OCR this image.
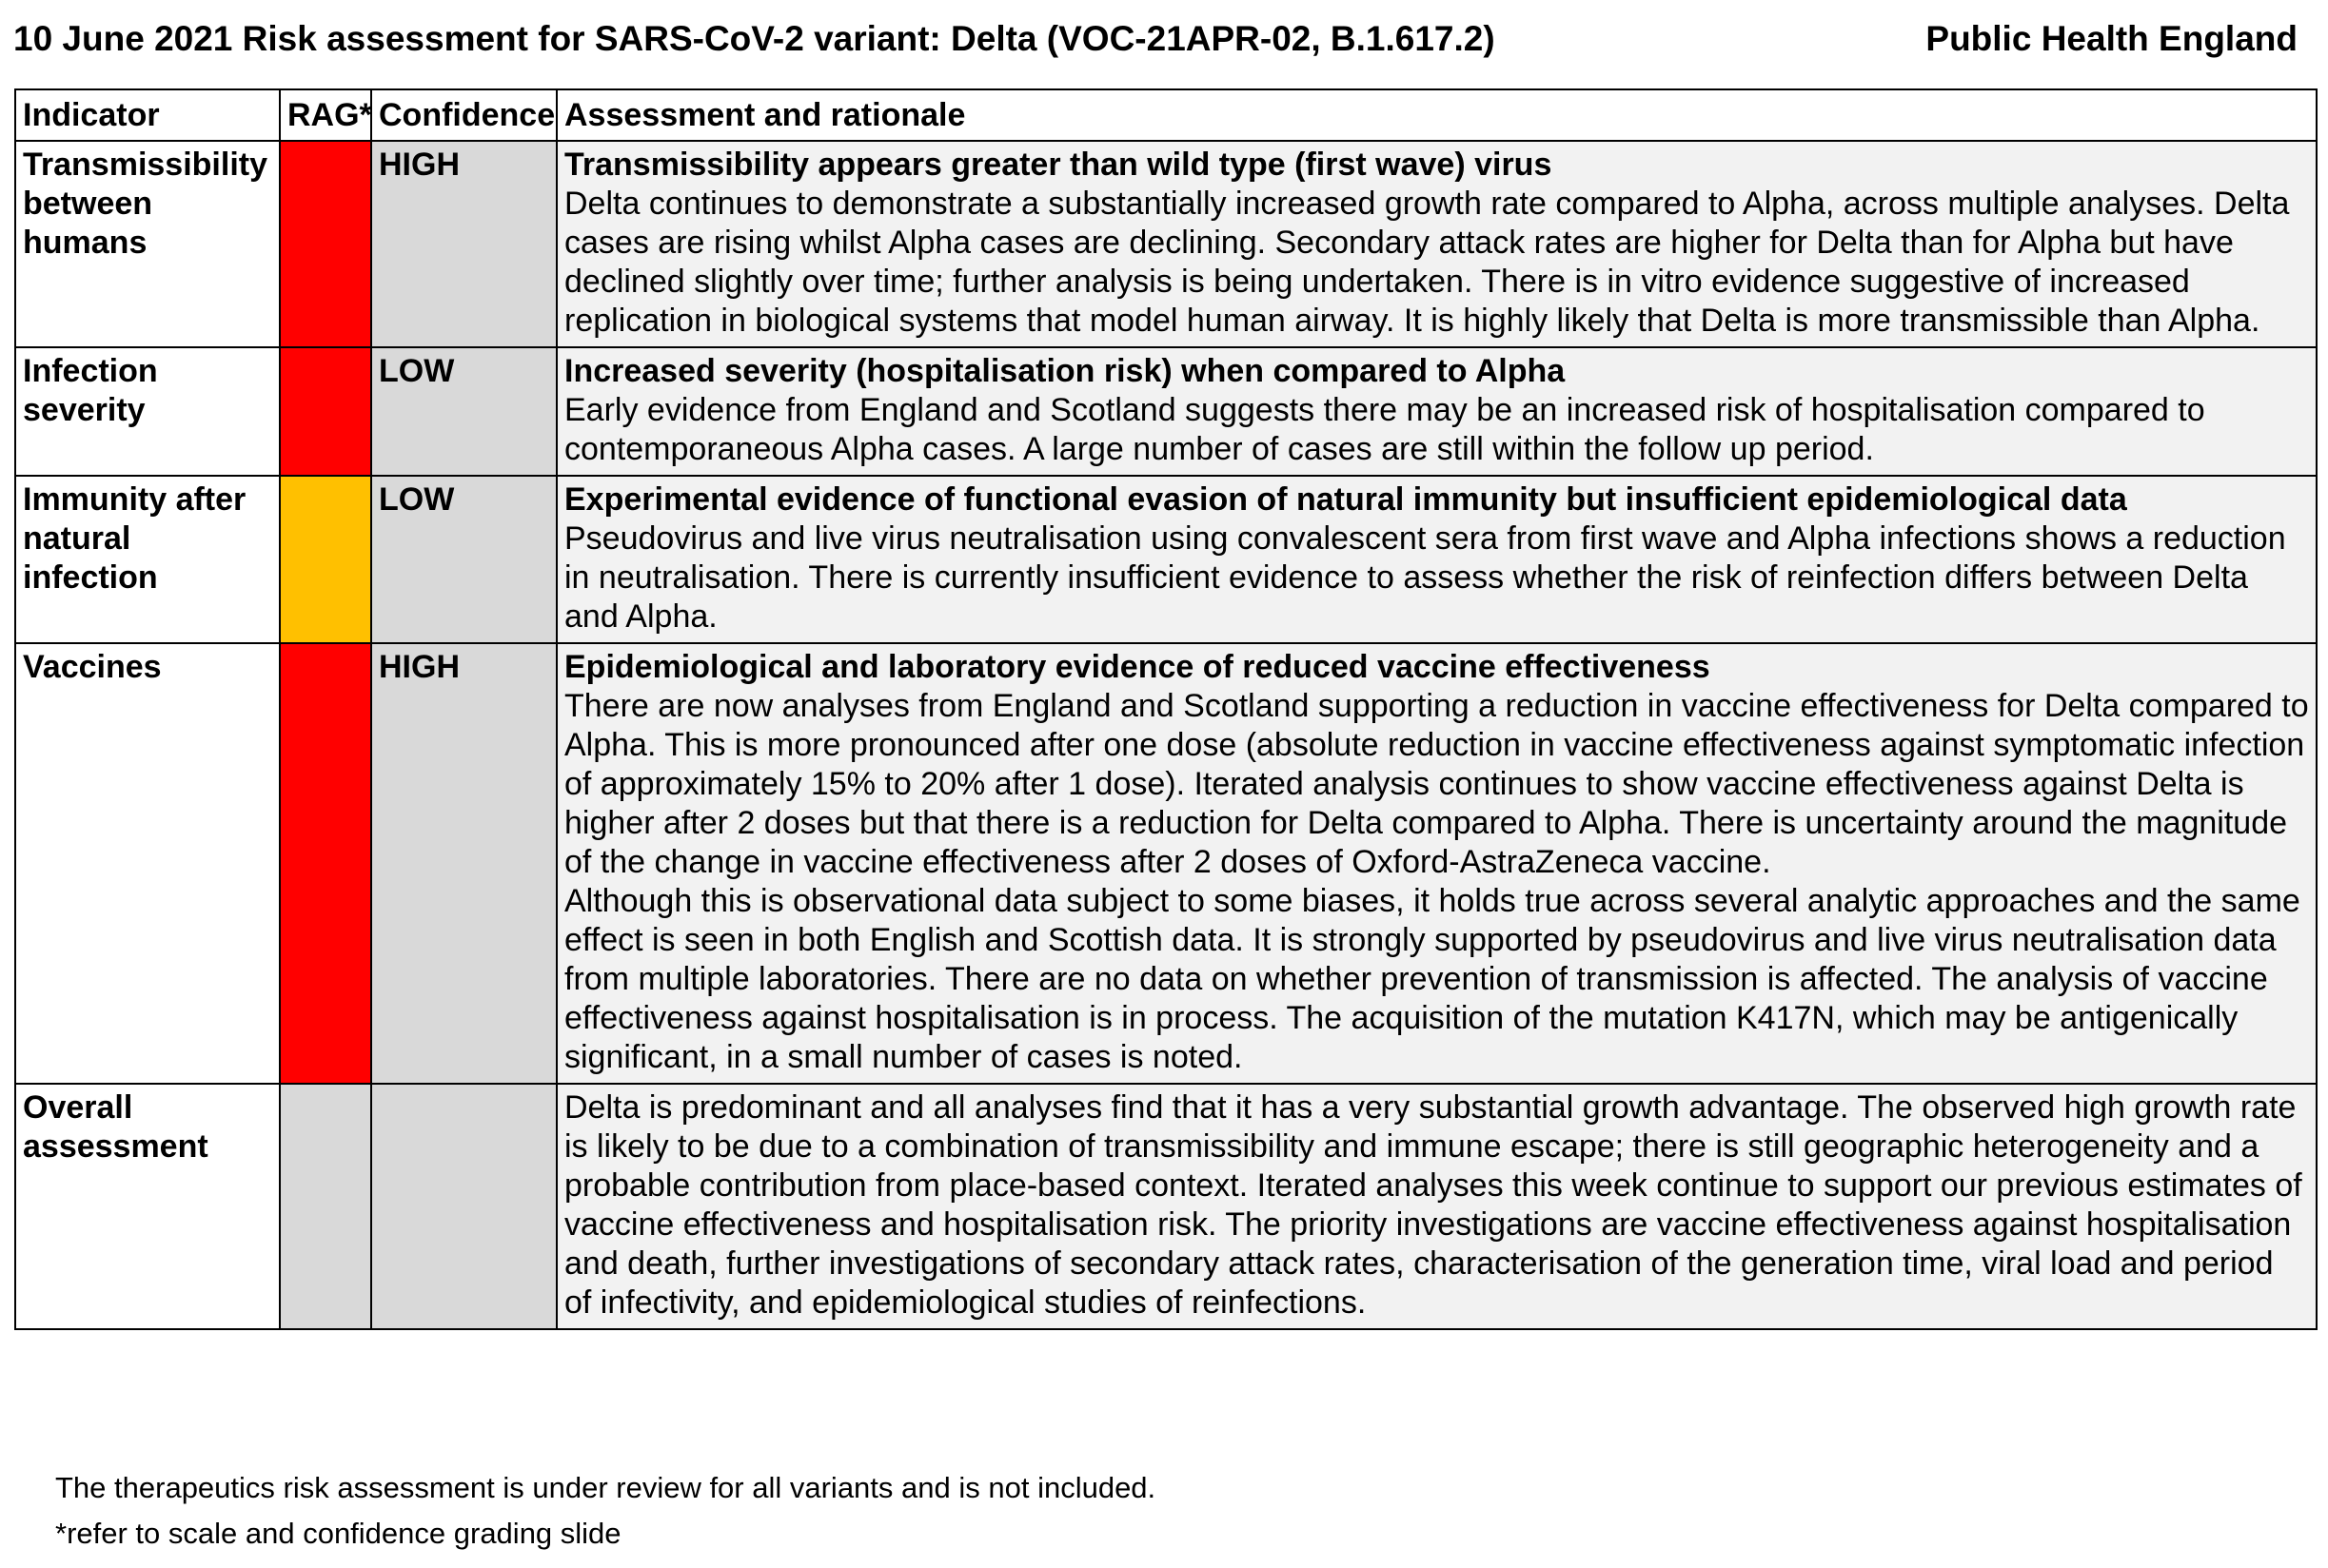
10 June 2021 Risk assessment for SARS-CoV-2 variant: Delta (VOC-21APR-02, B.1.617.2)	Public Health England
Indicator	RAG*	Confidence	Assessment and rationale
Transmissibility between humans		HIGH	Transmissibility appears greater than wild type (first wave) virus
Delta continues to demonstrate a substantially increased growth rate compared to Alpha, across multiple analyses. Delta cases are rising whilst Alpha cases are declining. Secondary attack rates are higher for Delta than for Alpha but have declined slightly over time; further analysis is being undertaken. There is in vitro evidence suggestive of increased replication in biological systems that model human airway. It is highly likely that Delta is more transmissible than Alpha.

Infection severity		LOW	Increased severity (hospitalisation risk) when compared to Alpha
Early evidence from England and Scotland suggests there may be an increased risk of hospitalisation compared to contemporaneous Alpha cases. A large number of cases are still within the follow up period.

Immunity after natural infection		LOW	Experimental evidence of functional evasion of natural immunity but insufficient epidemiological data
Pseudovirus and live virus neutralisation using convalescent sera from first wave and Alpha infections shows a reduction in neutralisation. There is currently insufficient evidence to assess whether the risk of reinfection differs between Delta and Alpha.

Vaccines		HIGH	Epidemiological and laboratory evidence of reduced vaccine effectiveness
There are now analyses from England and Scotland supporting a reduction in vaccine effectiveness for Delta compared to Alpha. This is more pronounced after one dose (absolute reduction in vaccine effectiveness against symptomatic infection of approximately 15% to 20% after 1 dose). Iterated analysis continues to show vaccine effectiveness against Delta is higher after 2 doses but that there is a reduction for Delta compared to Alpha. There is uncertainty around the magnitude of the change in vaccine effectiveness after 2 doses of Oxford-AstraZeneca vaccine.
Although this is observational data subject to some biases, it holds true across several analytic approaches and the same effect is seen in both English and Scottish data. It is strongly supported by pseudovirus and live virus neutralisation data from multiple laboratories. There are no data on whether prevention of transmission is affected. The analysis of vaccine effectiveness against hospitalisation is in process. The acquisition of the mutation K417N, which may be antigenically significant, in a small number of cases is noted.

Overall assessment			Delta is predominant and all analyses find that it has a very substantial growth advantage. The observed high growth rate is likely to be due to a combination of transmissibility and immune escape; there is still geographic heterogeneity and a probable contribution from place-based context. Iterated analyses this week continue to support our previous estimates of vaccine effectiveness and hospitalisation risk. The priority investigations are vaccine effectiveness against hospitalisation and death, further investigations of secondary attack rates, characterisation of the generation time, viral load and period of infectivity, and epidemiological studies of reinfections.
The therapeutics risk assessment is under review for all variants and is not included.
*refer to scale and confidence grading slide
